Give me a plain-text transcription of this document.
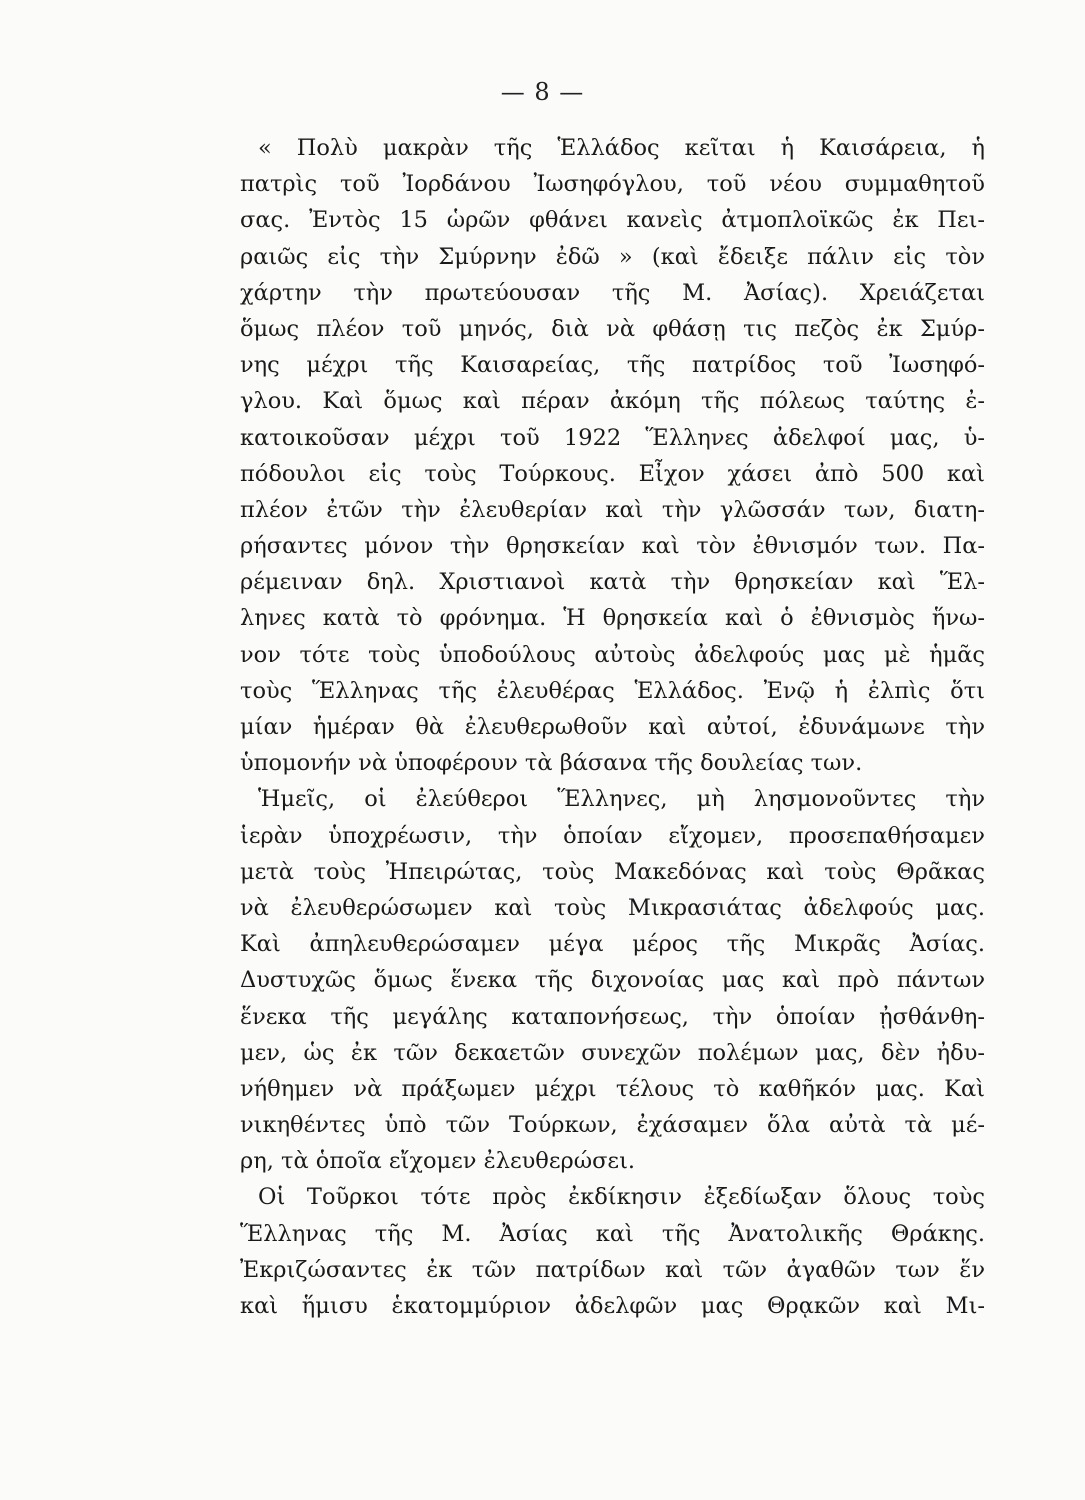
— 8 —
« Πολὺ μακρὰν τῆς Ἑλλάδος κεῖται ἡ Καισάρεια, ἡ
πατρὶς τοῦ Ἰορδάνου Ἰωσηφόγλου, τοῦ νέου συμμαθητοῦ
σας. Ἐντὸς 15 ὡρῶν φθάνει κανεὶς ἀτμοπλοϊκῶς ἐκ Πει-
ραιῶς εἰς τὴν Σμύρνην ἐδῶ » (καὶ ἔδειξε πάλιν εἰς τὸν
χάρτην τὴν πρωτεύουσαν τῆς Μ. Ἀσίας). Χρειάζεται
ὅμως πλέον τοῦ μηνός, διὰ νὰ φθάσῃ τις πεζὸς ἐκ Σμύρ-
νης μέχρι τῆς Καισαρείας, τῆς πατρίδος τοῦ Ἰωσηφό-
γλου. Καὶ ὅμως καὶ πέραν ἀκόμη τῆς πόλεως ταύτης ἐ-
κατοικοῦσαν μέχρι τοῦ 1922 Ἕλληνες ἀδελφοί μας, ὑ-
πόδουλοι εἰς τοὺς Τούρκους. Εἶχον χάσει ἀπὸ 500 καὶ
πλέον ἐτῶν τὴν ἐλευθερίαν καὶ τὴν γλῶσσάν των, διατη-
ρήσαντες μόνον τὴν θρησκείαν καὶ τὸν ἐθνισμόν των. Πα-
ρέμειναν δηλ. Χριστιανοὶ κατὰ τὴν θρησκείαν καὶ Ἕλ-
ληνες κατὰ τὸ φρόνημα. Ἡ θρησκεία καὶ ὁ ἐθνισμὸς ἥνω-
νον τότε τοὺς ὑποδούλους αὐτοὺς ἀδελφούς μας μὲ ἡμᾶς
τοὺς Ἕλληνας τῆς ἐλευθέρας Ἑλλάδος. Ἐνῷ ἡ ἐλπὶς ὅτι
μίαν ἡμέραν θὰ ἐλευθερωθοῦν καὶ αὐτοί, ἐδυνάμωνε τὴν
ὑπομονήν νὰ ὑποφέρουν τὰ βάσανα τῆς δουλείας των.
Ἡμεῖς, οἱ ἐλεύθεροι Ἕλληνες, μὴ λησμονοῦντες τὴν
ἱερὰν ὑποχρέωσιν, τὴν ὁποίαν εἴχομεν, προσεπαθήσαμεν
μετὰ τοὺς Ἠπειρώτας, τοὺς Μακεδόνας καὶ τοὺς Θρᾶκας
νὰ ἐλευθερώσωμεν καὶ τοὺς Μικρασιάτας ἀδελφούς μας.
Καὶ ἀπηλευθερώσαμεν μέγα μέρος τῆς Μικρᾶς Ἀσίας.
Δυστυχῶς ὅμως ἕνεκα τῆς διχονοίας μας καὶ πρὸ πάντων
ἕνεκα τῆς μεγάλης καταπονήσεως, τὴν ὁποίαν ᾐσθάνθη-
μεν, ὡς ἐκ τῶν δεκαετῶν συνεχῶν πολέμων μας, δὲν ἠδυ-
νήθημεν νὰ πράξωμεν μέχρι τέλους τὸ καθῆκόν μας. Καὶ
νικηθέντες ὑπὸ τῶν Τούρκων, ἐχάσαμεν ὅλα αὐτὰ τὰ μέ-
ρη, τὰ ὁποῖα εἴχομεν ἐλευθερώσει.
Οἱ Τοῦρκοι τότε πρὸς ἐκδίκησιν ἐξεδίωξαν ὅλους τοὺς
Ἕλληνας τῆς Μ. Ἀσίας καὶ τῆς Ἀνατολικῆς Θράκης.
Ἐκριζώσαντες ἐκ τῶν πατρίδων καὶ τῶν ἀγαθῶν των ἕν
καὶ ἥμισυ ἑκατομμύριον ἀδελφῶν μας Θρᾳκῶν καὶ Μι-
